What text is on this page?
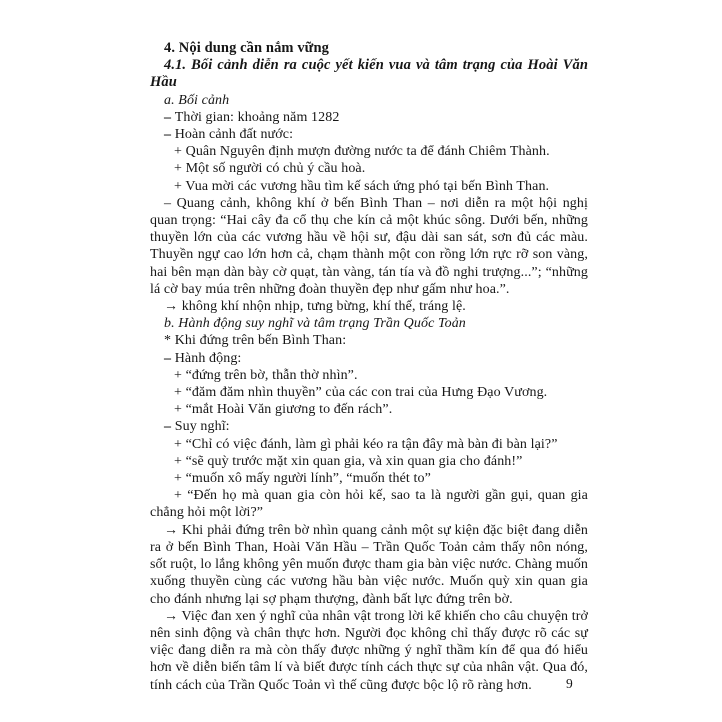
4. Nội dung cần nắm vững
4.1. Bối cảnh diễn ra cuộc yết kiến vua và tâm trạng của Hoài Văn Hầu
a. Bối cảnh
– Thời gian: khoảng năm 1282
– Hoàn cảnh đất nước:
+ Quân Nguyên định mượn đường nước ta để đánh Chiêm Thành.
+ Một số người có chủ ý cầu hoà.
+ Vua mời các vương hầu tìm kế sách ứng phó tại bến Bình Than.
– Quang cảnh, không khí ở bến Bình Than – nơi diễn ra một hội nghị quan trọng: “Hai cây đa cổ thụ che kín cả một khúc sông. Dưới bến, những thuyền lớn của các vương hầu về hội sư, đậu dài san sát, sơn đủ các màu. Thuyền ngự cao lớn hơn cả, chạm thành một con rồng lớn rực rỡ son vàng, hai bên mạn dàn bày cờ quạt, tàn vàng, tán tía và đồ nghi trượng...”; “những lá cờ bay múa trên những đoàn thuyền đẹp như gấm như hoa.”.
→ không khí nhộn nhịp, tưng bừng, khí thế, tráng lệ.
b. Hành động suy nghĩ và tâm trạng Trần Quốc Toản
* Khi đứng trên bến Bình Than:
– Hành động:
+ “đứng trên bờ, thẫn thờ nhìn”.
+ “đăm đăm nhìn thuyền” của các con trai của Hưng Đạo Vương.
+ “mắt Hoài Văn giương to đến rách”.
– Suy nghĩ:
+ “Chỉ có việc đánh, làm gì phải kéo ra tận đây mà bàn đi bàn lại?”
+ “sẽ quỳ trước mặt xin quan gia, và xin quan gia cho đánh!”
+ “muốn xô mấy người lính”, “muốn thét to”
+ “Đến họ mà quan gia còn hỏi kế, sao ta là người gần gụi, quan gia chẳng hỏi một lời?”
→ Khi phải đứng trên bờ nhìn quang cảnh một sự kiện đặc biệt đang diễn ra ở bến Bình Than, Hoài Văn Hầu – Trần Quốc Toản cảm thấy nôn nóng, sốt ruột, lo lắng không yên muốn được tham gia bàn việc nước. Chàng muốn xuống thuyền cùng các vương hầu bàn việc nước. Muốn quỳ xin quan gia cho đánh nhưng lại sợ phạm thượng, đành bất lực đứng trên bờ.
→ Việc đan xen ý nghĩ của nhân vật trong lời kể khiến cho câu chuyện trở nên sinh động và chân thực hơn. Người đọc không chỉ thấy được rõ các sự việc đang diễn ra mà còn thấy được những ý nghĩ thầm kín để qua đó hiểu hơn về diễn biến tâm lí và biết được tính cách thực sự của nhân vật. Qua đó, tính cách của Trần Quốc Toản vì thế cũng được bộc lộ rõ ràng hơn.	9
